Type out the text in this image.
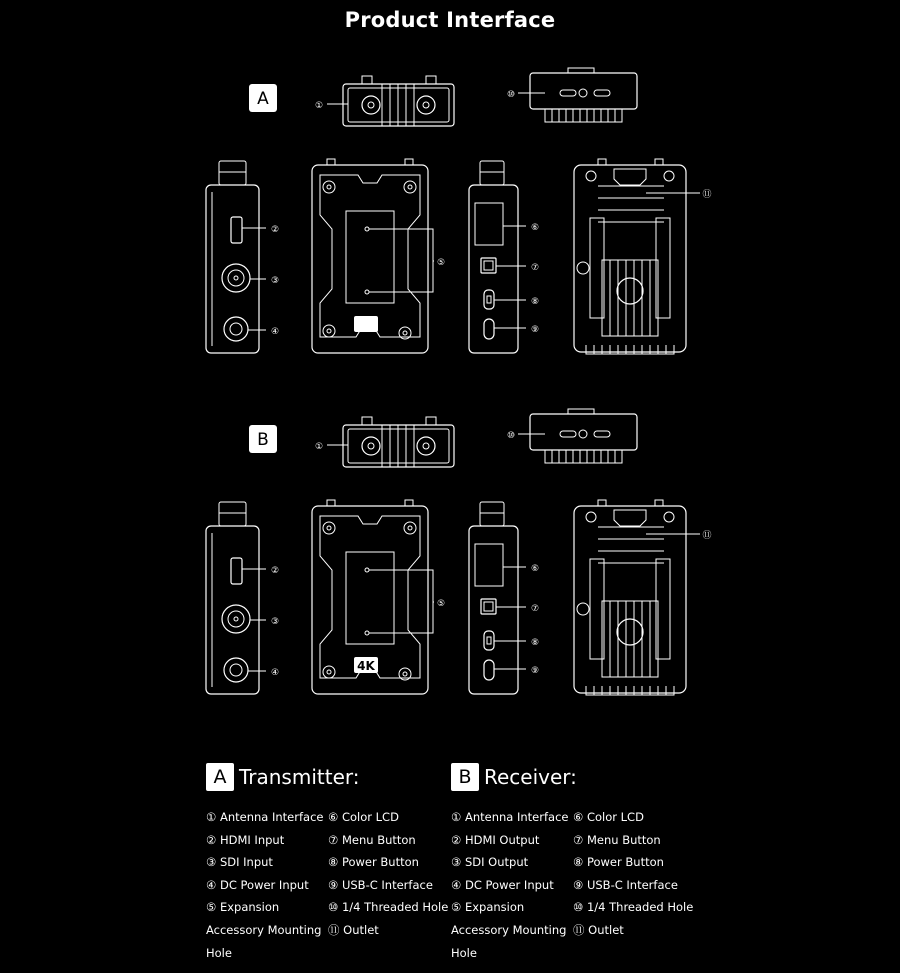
Product Interface
A
4K
B
4K
①
⑩
②
③
④
⑤
⑥
⑦
⑧
⑨
⑪
①
⑩
②
③
④
⑤
⑥
⑦
⑧
⑨
⑪
A Transmitter:
① Antenna Interface
② HDMI Input
③ SDI Input
④ DC Power Input
⑤ Expansion
Accessory Mounting
Hole
⑥ Color LCD
⑦ Menu Button
⑧ Power Button
⑨ USB-C Interface
⑩ 1/4 Threaded Hole
⑪ Outlet
B Receiver:
① Antenna Interface
② HDMI Output
③ SDI Output
④ DC Power Input
⑤ Expansion
Accessory Mounting
Hole
⑥ Color LCD
⑦ Menu Button
⑧ Power Button
⑨ USB-C Interface
⑩ 1/4 Threaded Hole
⑪ Outlet
